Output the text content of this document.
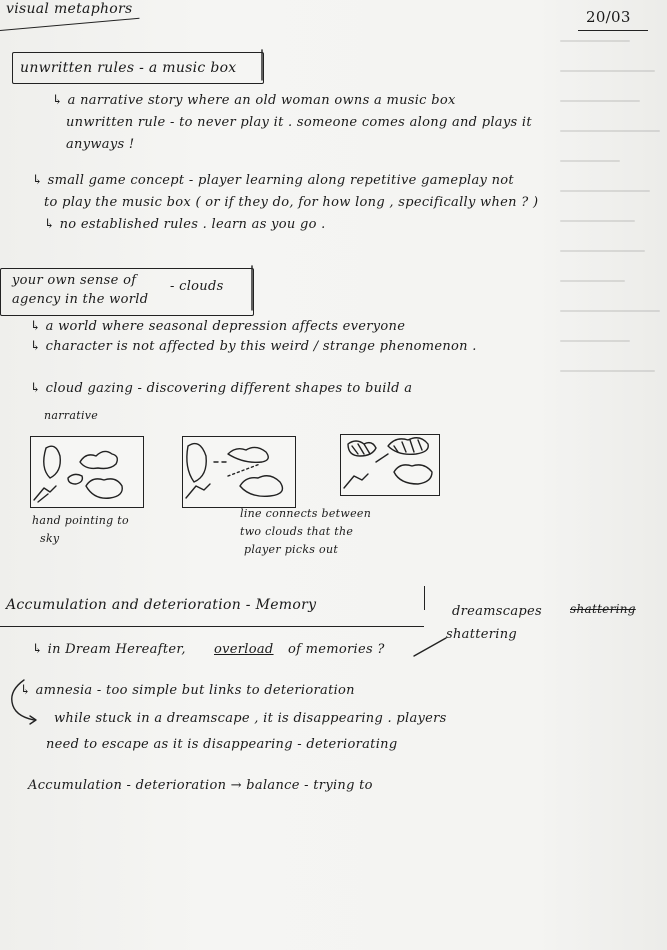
visual metaphors	20/03
unwritten rules - a music box
↳ a narrative story where an old woman owns a music box
unwritten rule - to never play it . someone comes along and plays it
anyways !
↳ small game concept - player learning along repetitive gameplay not
to play the music box ( or if they do, for how long , specifically when ? )
↳ no established rules . learn as you go .
your own sense of
agency in the world
- clouds
↳ a world where seasonal depression affects everyone
↳ character is not affected by this weird / strange phenomenon .
↳ cloud gazing - discovering different shapes to build a
narrative
hand pointing to
sky
line connects between
two clouds that the
player picks out
Accumulation and deterioration - Memory	dreamscapes shattering
shattering
↳ in Dream Hereafter, overload of memories ?
↳ amnesia - too simple but links to deterioration
while stuck in a dreamscape , it is disappearing . players
need to escape as it is disappearing - deteriorating
Accumulation - deterioration → balance - trying to
